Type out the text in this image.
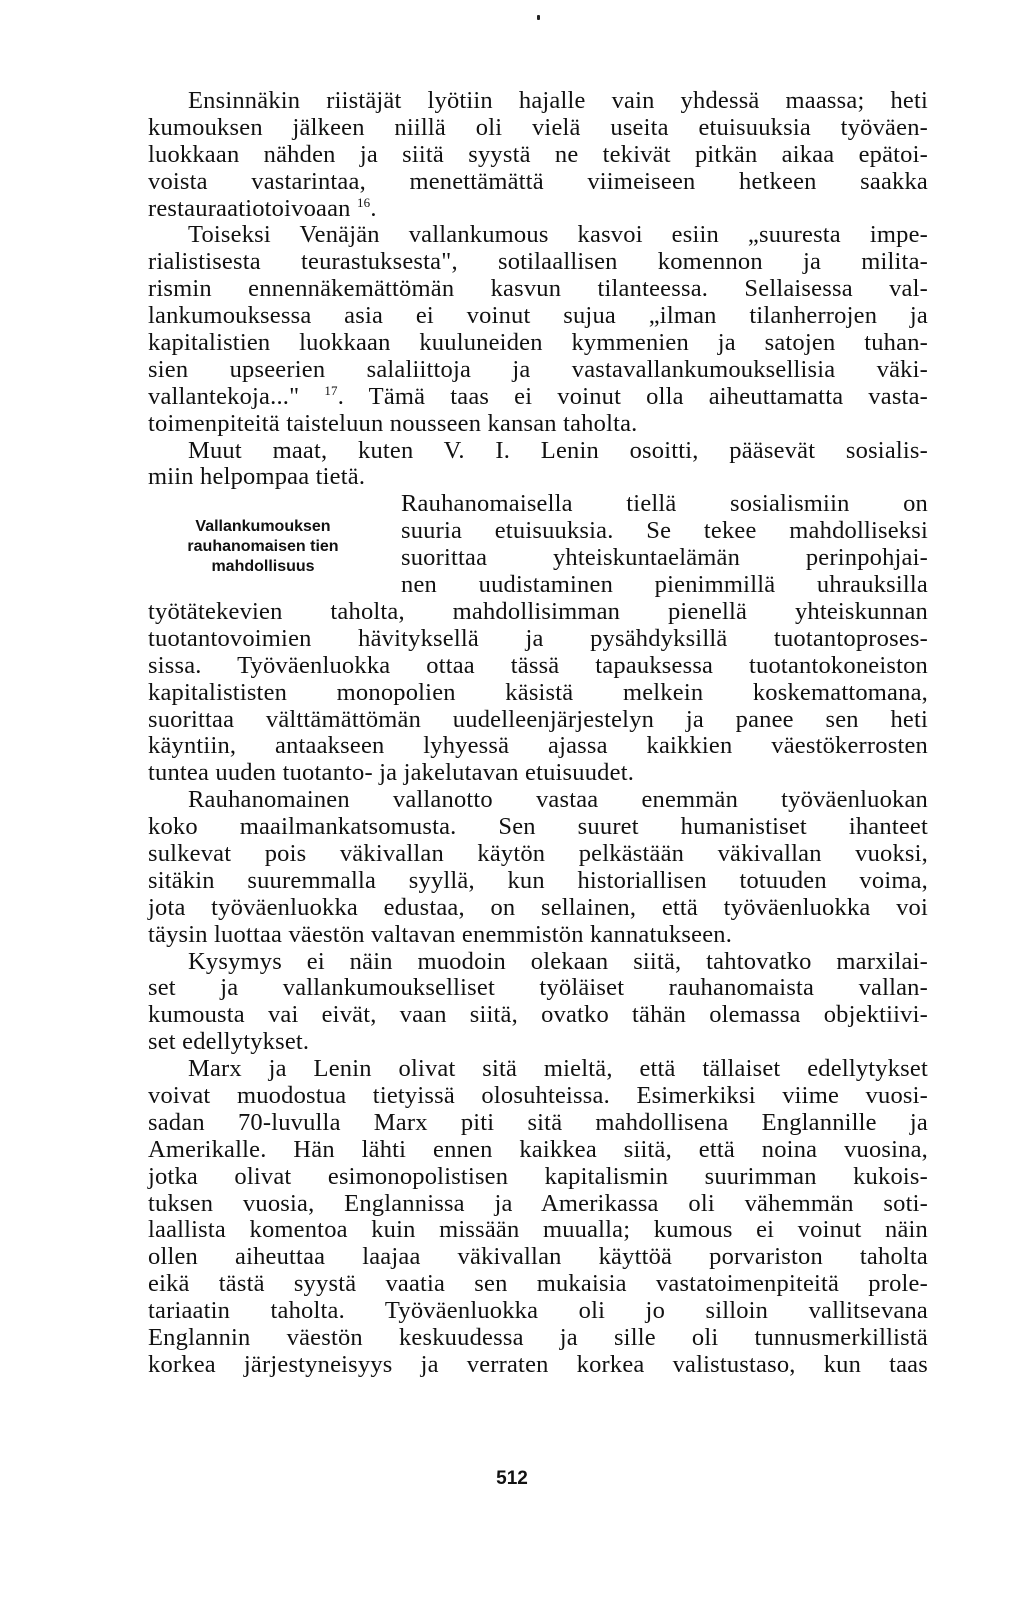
Ensinnäkin riistäjät lyötiin hajalle vain yhdessä maassa; heti
kumouksen jälkeen niillä oli vielä useita etuisuuksia työväen-
luokkaan nähden ja siitä syystä ne tekivät pitkän aikaa epätoi-
voista vastarintaa, menettämättä viimeiseen hetkeen saakka
restauraatiotoivoaan $^{16}$.
Toiseksi Venäjän vallankumous kasvoi esiin „suuresta impe-
rialistisesta teurastuksesta", sotilaallisen komennon ja milita-
rismin ennennäkemättömän kasvun tilanteessa. Sellaisessa val-
lankumouksessa asia ei voinut sujua „ilman tilanherrojen ja
kapitalistien luokkaan kuuluneiden kymmenien ja satojen tuhan-
sien upseerien salaliittoja ja vastavallankumouksellisia väki-
vallantekoja..." $^{17}$. Tämä taas ei voinut olla aiheuttamatta vasta-
toimenpiteitä taisteluun nousseen kansan taholta.
Muut maat, kuten V. I. Lenin osoitti, pääsevät sosialis-
miin helpompaa tietä.
Vallankumouksen rauhanomaisen tien mahdollisuus
Rauhanomaisella tiellä sosialismiin on
suuria etuisuuksia. Se tekee mahdolliseksi
suorittaa yhteiskuntaelämän perinpohjai-
nen uudistaminen pienimmillä uhrauksilla
työtätekevien taholta, mahdollisimman pienellä yhteiskunnan
tuotantovoimien hävityksellä ja pysähdyksillä tuotantoproses-
sissa. Työväenluokka ottaa tässä tapauksessa tuotantokoneiston
kapitalististen monopolien käsistä melkein koskemattomana,
suorittaa välttämättömän uudelleenjärjestelyn ja panee sen heti
käyntiin, antaakseen lyhyessä ajassa kaikkien väestökerrosten
tuntea uuden tuotanto- ja jakelutavan etuisuudet.
Rauhanomainen vallanotto vastaa enemmän työväenluokan
koko maailmankatsomusta. Sen suuret humanistiset ihanteet
sulkevat pois väkivallan käytön pelkästään väkivallan vuoksi,
sitäkin suuremmalla syyllä, kun historiallisen totuuden voima,
jota työväenluokka edustaa, on sellainen, että työväenluokka voi
täysin luottaa väestön valtavan enemmistön kannatukseen.
Kysymys ei näin muodoin olekaan siitä, tahtovatko marxilai-
set ja vallankumoukselliset työläiset rauhanomaista vallan-
kumousta vai eivät, vaan siitä, ovatko tähän olemassa objektiivi-
set edellytykset.
Marx ja Lenin olivat sitä mieltä, että tällaiset edellytykset
voivat muodostua tietyissä olosuhteissa. Esimerkiksi viime vuosi-
sadan 70-luvulla Marx piti sitä mahdollisena Englannille ja
Amerikalle. Hän lähti ennen kaikkea siitä, että noina vuosina,
jotka olivat esimonopolistisen kapitalismin suurimman kukois-
tuksen vuosia, Englannissa ja Amerikassa oli vähemmän soti-
laallista komentoa kuin missään muualla; kumous ei voinut näin
ollen aiheuttaa laajaa väkivallan käyttöä porvariston taholta
eikä tästä syystä vaatia sen mukaisia vastatoimenpiteitä prole-
tariaatin taholta. Työväenluokka oli jo silloin vallitsevana
Englannin väestön keskuudessa ja sille oli tunnusmerkillistä
korkea järjestyneisyys ja verraten korkea valistustaso, kun taas
512
